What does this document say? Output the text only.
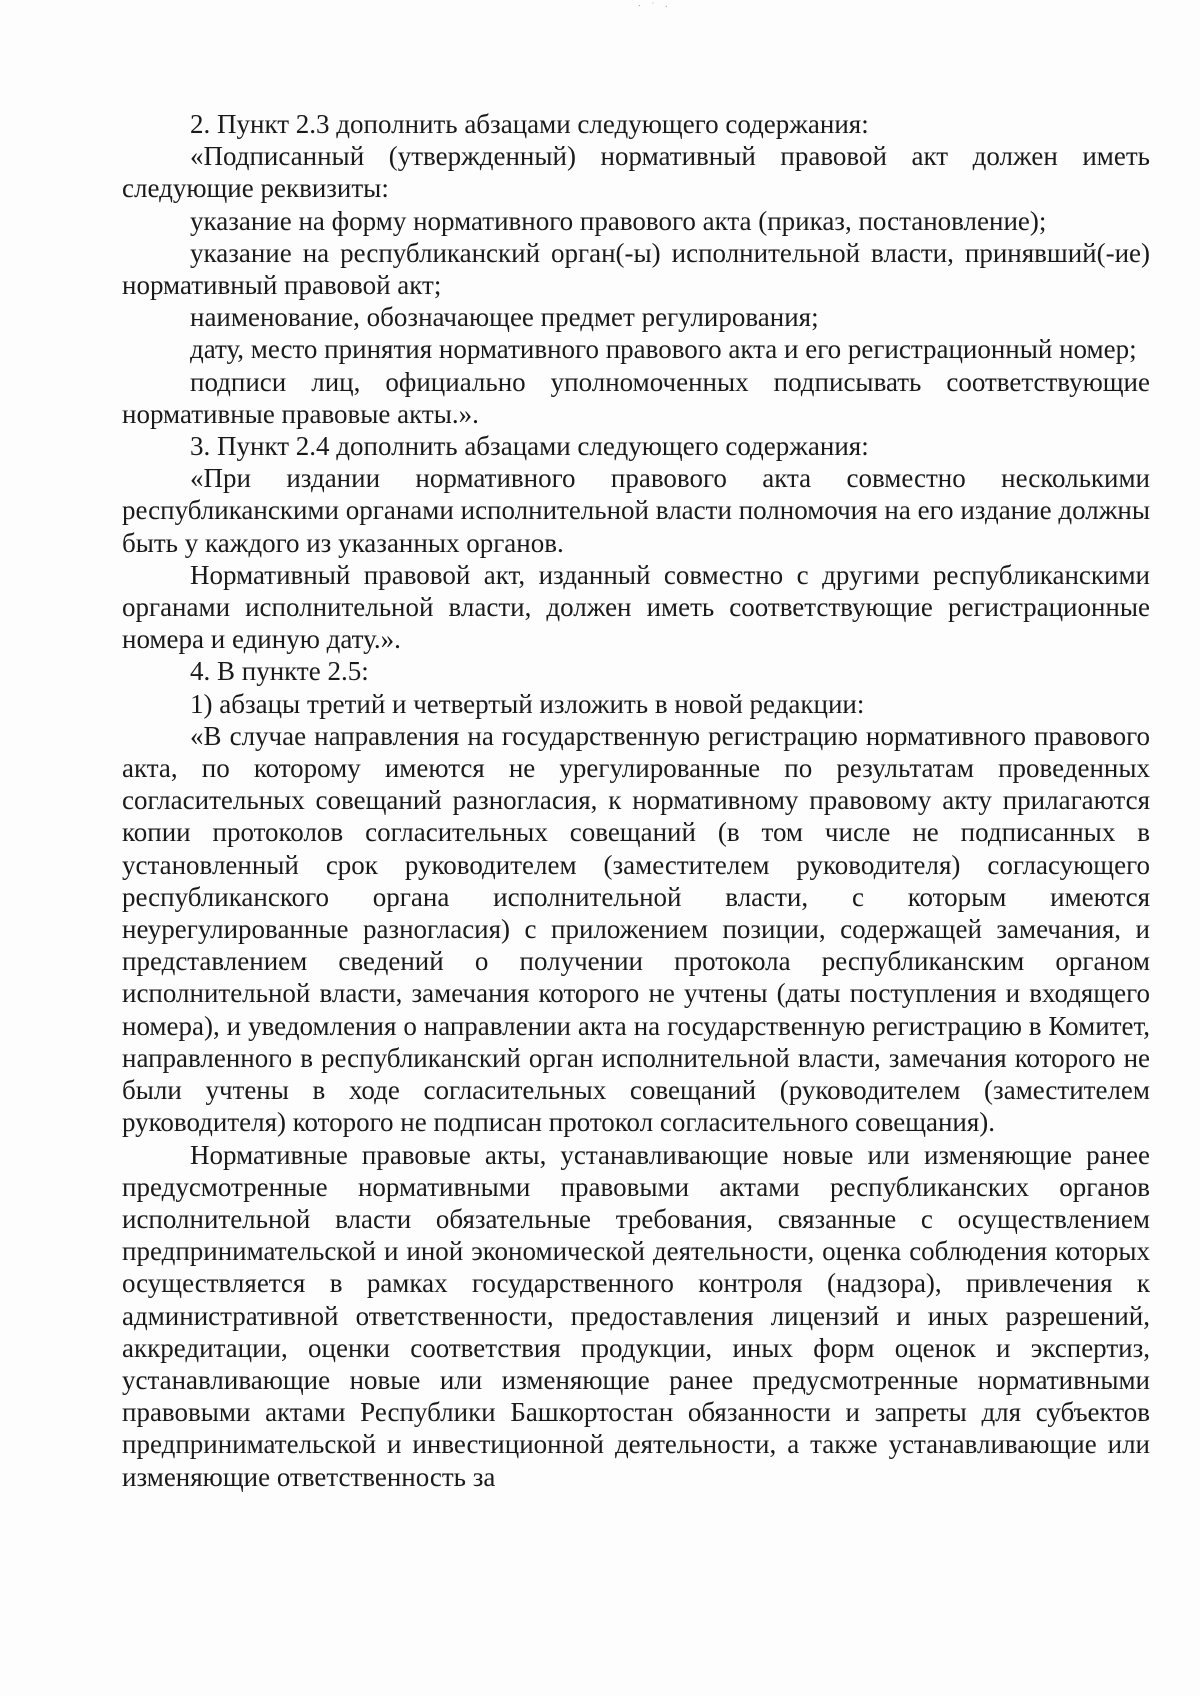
ˑ ˙ ·

2. Пункт 2.3 дополнить абзацами следующего содержания:

«Подписанный (утвержденный) нормативный правовой акт должен иметь следующие реквизиты:

указание на форму нормативного правового акта (приказ, постановление);

указание на республиканский орган(-ы) исполнительной власти, принявший(-ие) нормативный правовой акт;

наименование, обозначающее предмет регулирования;

дату, место принятия нормативного правового акта и его регистрационный номер;

подписи лиц, официально уполномоченных подписывать соответствующие нормативные правовые акты.».

3. Пункт 2.4 дополнить абзацами следующего содержания:

«При издании нормативного правового акта совместно несколькими республиканскими органами исполнительной власти полномочия на его издание должны быть у каждого из указанных органов.

Нормативный правовой акт, изданный совместно с другими республиканскими органами исполнительной власти, должен иметь соответствующие регистрационные номера и единую дату.».

4. В пункте 2.5:

1) абзацы третий и четвертый изложить в новой редакции:

«В случае направления на государственную регистрацию нормативного правового акта, по которому имеются не урегулированные по результатам проведенных согласительных совещаний разногласия, к нормативному правовому акту прилагаются копии протоколов согласительных совещаний (в том числе не подписанных в установленный срок руководителем (заместителем руководителя) согласующего республиканского органа исполнительной власти, с которым имеются неурегулированные разногласия) с приложением позиции, содержащей замечания, и представлением сведений о получении протокола республиканским органом исполнительной власти, замечания которого не учтены (даты поступления и входящего номера), и уведомления о направлении акта на государственную регистрацию в Комитет, направленного в республиканский орган исполнительной власти, замечания которого не были учтены в ходе согласительных совещаний (руководителем (заместителем руководителя) которого не подписан протокол согласительного совещания).

Нормативные правовые акты, устанавливающие новые или изменяющие ранее предусмотренные нормативными правовыми актами республиканских органов исполнительной власти обязательные требования, связанные с осуществлением предпринимательской и иной экономической деятельности, оценка соблюдения которых осуществляется в рамках государственного контроля (надзора), привлечения к административной ответственности, предоставления лицензий и иных разрешений, аккредитации, оценки соответствия продукции, иных форм оценок и экспертиз, устанавливающие новые или изменяющие ранее предусмотренные нормативными правовыми актами Республики Башкортостан обязанности и запреты для субъектов предпринимательской и инвестиционной деятельности, а также устанавливающие или изменяющие ответственность за
